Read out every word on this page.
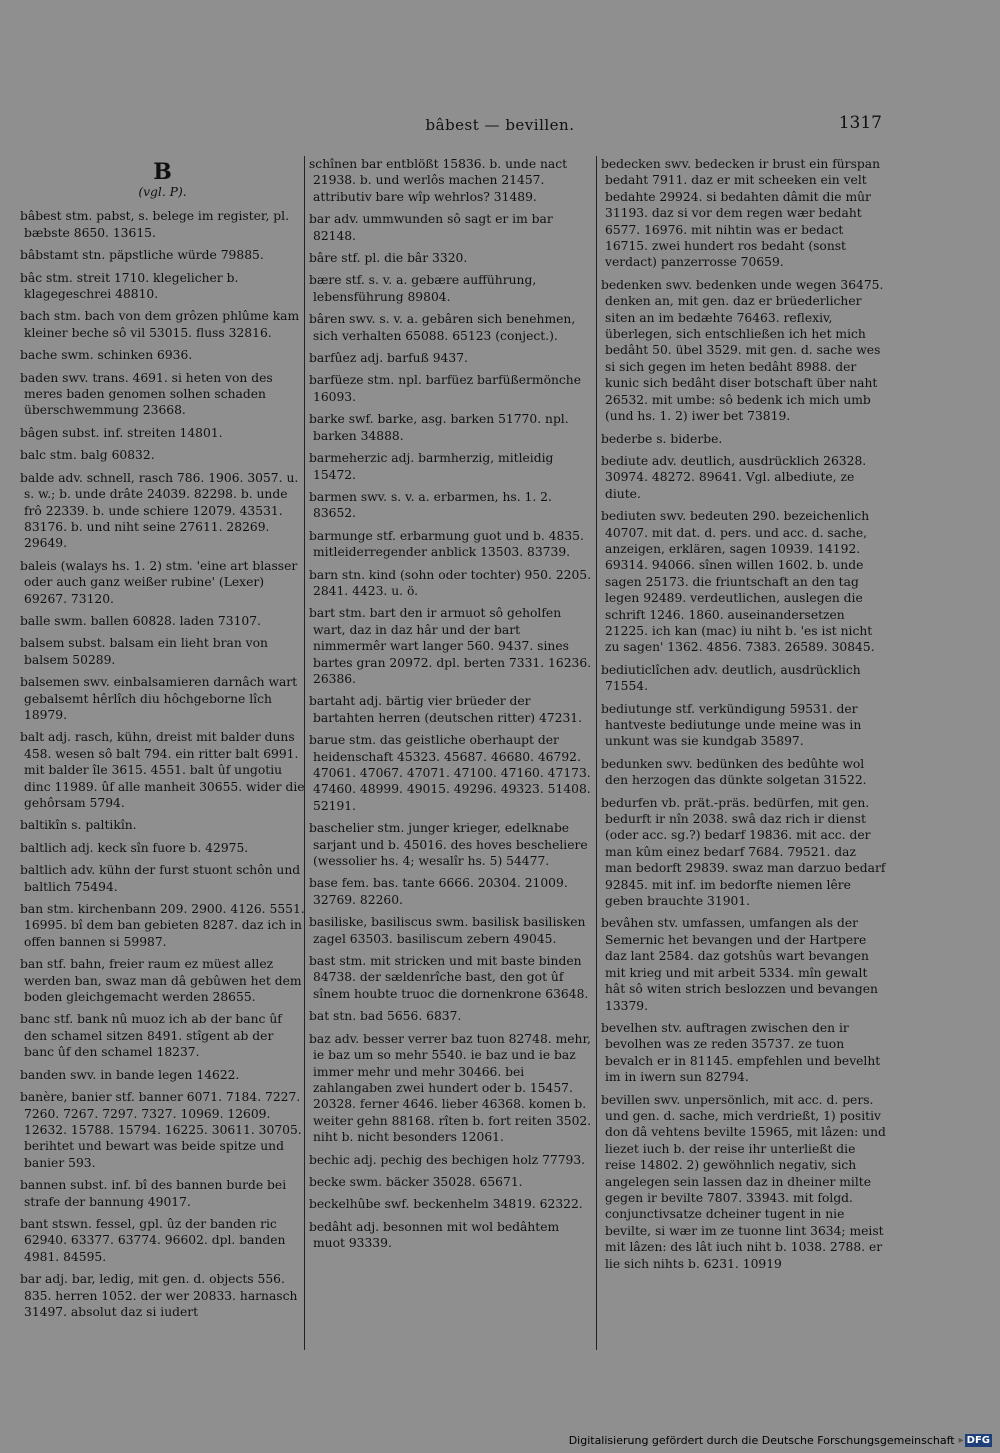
bâbest — bevillen.	1317
B
(vgl. P).

bâbest stm. pabst, s. belege im register, pl. bæbste 8650. 13615.

bâbstamt stn. päpstliche würde 79885.

bâc stm. streit 1710. klegelicher b. klagegeschrei 48810.

bach stm. bach von dem grôzen phlûme kam kleiner beche sô vil 53015. fluss 32816.

bache swm. schinken 6936.

baden swv. trans. 4691. si heten von des meres baden genomen solhen schaden überschwemmung 23668.

bâgen subst. inf. streiten 14801.

balc stm. balg 60832.

balde adv. schnell, rasch 786. 1906. 3057. u. s. w.; b. unde drâte 24039. 82298. b. unde frô 22339. b. unde schiere 12079. 43531. 83176. b. und niht seine 27611. 28269. 29649.

baleis (walays hs. 1. 2) stm. 'eine art blasser oder auch ganz weißer rubine' (Lexer) 69267. 73120.

balle swm. ballen 60828. laden 73107.

balsem subst. balsam ein lieht bran von balsem 50289.

balsemen swv. einbalsamieren darnâch wart gebalsemt hêrlîch diu hôchgeborne lîch 18979.

balt adj. rasch, kühn, dreist mit balder duns 458. wesen sô balt 794. ein ritter balt 6991. mit balder île 3615. 4551. balt ûf ungotiu dinc 11989. ûf alle manheit 30655. wider die gehôrsam 5794.

baltikîn s. paltikîn.

baltlich adj. keck sîn fuore b. 42975.

baltlich adv. kühn der furst stuont schôn und baltlich 75494.

ban stm. kirchenbann 209. 2900. 4126. 5551. 16995. bî dem ban gebieten 8287. daz ich in offen bannen si 59987.

ban stf. bahn, freier raum ez müest allez werden ban, swaz man dâ gebûwen het dem boden gleichgemacht werden 28655.

banc stf. bank nû muoz ich ab der banc ûf den schamel sitzen 8491. stîgent ab der banc ûf den schamel 18237.

banden swv. in bande legen 14622.

banère, banier stf. banner 6071. 7184. 7227. 7260. 7267. 7297. 7327. 10969. 12609. 12632. 15788. 15794. 16225. 30611. 30705. berihtet und bewart was beide spitze und banier 593.

bannen subst. inf. bî des bannen burde bei strafe der bannung 49017.

bant stswn. fessel, gpl. ûz der banden ric 62940. 63377. 63774. 96602. dpl. banden 4981. 84595.

bar adj. bar, ledig, mit gen. d. objects 556. 835. herren 1052. der wer 20833. harnasch 31497. absolut daz si iudert

schînen bar entblößt 15836. b. unde nact 21938. b. und werlôs machen 21457. attributiv bare wîp wehrlos? 31489.

bar adv. ummwunden sô sagt er im bar 82148.

bâre stf. pl. die bâr 3320.

bære stf. s. v. a. gebære aufführung, lebensführung 89804.

bâren swv. s. v. a. gebâren sich benehmen, sich verhalten 65088. 65123 (conject.).

barfûez adj. barfuß 9437.

barfüeze stm. npl. barfüez barfüßermönche 16093.

barke swf. barke, asg. barken 51770. npl. barken 34888.

barmeherzic adj. barmherzig, mitleidig 15472.

barmen swv. s. v. a. erbarmen, hs. 1. 2. 83652.

barmunge stf. erbarmung guot und b. 4835. mitleiderregender anblick 13503. 83739.

barn stn. kind (sohn oder tochter) 950. 2205. 2841. 4423. u. ö.

bart stm. bart den ir armuot sô geholfen wart, daz in daz hâr und der bart nimmermêr wart langer 560. 9437. sines bartes gran 20972. dpl. berten 7331. 16236. 26386.

bartaht adj. bärtig vier brüeder der bartahten herren (deutschen ritter) 47231.

barue stm. das geistliche oberhaupt der heidenschaft 45323. 45687. 46680. 46792. 47061. 47067. 47071. 47100. 47160. 47173. 47460. 48999. 49015. 49296. 49323. 51408. 52191.

baschelier stm. junger krieger, edelknabe sarjant und b. 45016. des hoves bescheliere (wessolier hs. 4; wesalîr hs. 5) 54477.

base fem. bas. tante 6666. 20304. 21009. 32769. 82260.

basiliske, basiliscus swm. basilisk basilisken zagel 63503. basiliscum zebern 49045.

bast stm. mit stricken und mit baste binden 84738. der sældenrîche bast, den got ûf sînem houbte truoc die dornenkrone 63648.

bat stn. bad 5656. 6837.

baz adv. besser verrer baz tuon 82748. mehr, ie baz um so mehr 5540. ie baz und ie baz immer mehr und mehr 30466. bei zahlangaben zwei hundert oder b. 15457. 20328. ferner 4646. lieber 46368. komen b. weiter gehn 88168. rîten b. fort reiten 3502. niht b. nicht besonders 12061.

bechic adj. pechig des bechigen holz 77793.

becke swm. bäcker 35028. 65671.

beckelhûbe swf. beckenhelm 34819. 62322.

bedâht adj. besonnen mit wol bedâhtem muot 93339.

bedecken swv. bedecken ir brust ein fürspan bedaht 7911. daz er mit scheeken ein velt bedahte 29924. si bedahten dâmit die mûr 31193. daz si vor dem regen wær bedaht 6577. 16976. mit nihtin was er bedact 16715. zwei hundert ros bedaht (sonst verdact) panzerrosse 70659.

bedenken swv. bedenken unde wegen 36475. denken an, mit gen. daz er brüederlicher siten an im bedæhte 76463. reflexiv, überlegen, sich entschließen ich het mich bedâht 50. übel 3529. mit gen. d. sache wes si sich gegen im heten bedâht 8988. der kunic sich bedâht diser botschaft über naht 26532. mit umbe: sô bedenk ich mich umb (und hs. 1. 2) iwer bet 73819.

bederbe s. biderbe.

bediute adv. deutlich, ausdrücklich 26328. 30974. 48272. 89641. Vgl. albediute, ze diute.

bediuten swv. bedeuten 290. bezeichenlich 40707. mit dat. d. pers. und acc. d. sache, anzeigen, erklären, sagen 10939. 14192. 69314. 94066. sînen willen 1602. b. unde sagen 25173. die friuntschaft an den tag legen 92489. verdeutlichen, auslegen die schrift 1246. 1860. auseinandersetzen 21225. ich kan (mac) iu niht b. 'es ist nicht zu sagen' 1362. 4856. 7383. 26589. 30845.

bediuticlîchen adv. deutlich, ausdrücklich 71554.

bediutunge stf. verkündigung 59531. der hantveste bediutunge unde meine was in unkunt was sie kundgab 35897.

bedunken swv. bedünken des bedûhte wol den herzogen das dünkte solgetan 31522.

bedurfen vb. prät.-präs. bedürfen, mit gen. bedurft ir nîn 2038. swâ daz rich ir dienst (oder acc. sg.?) bedarf 19836. mit acc. der man kûm einez bedarf 7684. 79521. daz man bedorft 29839. swaz man darzuo bedarf 92845. mit inf. im bedorfte niemen lêre geben brauchte 31901.

bevâhen stv. umfassen, umfangen als der Semernic het bevangen und der Hartpere daz lant 2584. daz gotshûs wart bevangen mit krieg und mit arbeit 5334. mîn gewalt hât sô witen strich beslozzen und bevangen 13379.

bevelhen stv. auftragen zwischen den ir bevolhen was ze reden 35737. ze tuon bevalch er in 81145. empfehlen und bevelht im in iwern sun 82794.

bevillen swv. unpersönlich, mit acc. d. pers. und gen. d. sache, mich verdrießt, 1) positiv don dâ vehtens bevilte 15965, mit lâzen: und liezet iuch b. der reise ihr unterließt die reise 14802. 2) gewöhnlich negativ, sich angelegen sein lassen daz in dheiner milte gegen ir bevilte 7807. 33943. mit folgd. conjunctivsatze dcheiner tugent in nie bevilte, si wær im ze tuonne lint 3634; meist mit lâzen: des lât iuch niht b. 1038. 2788. er lie sich nihts b. 6231. 10919

Digitalisierung gefördert durch die Deutsche Forschungsgemeinschaft ▸ DFG
